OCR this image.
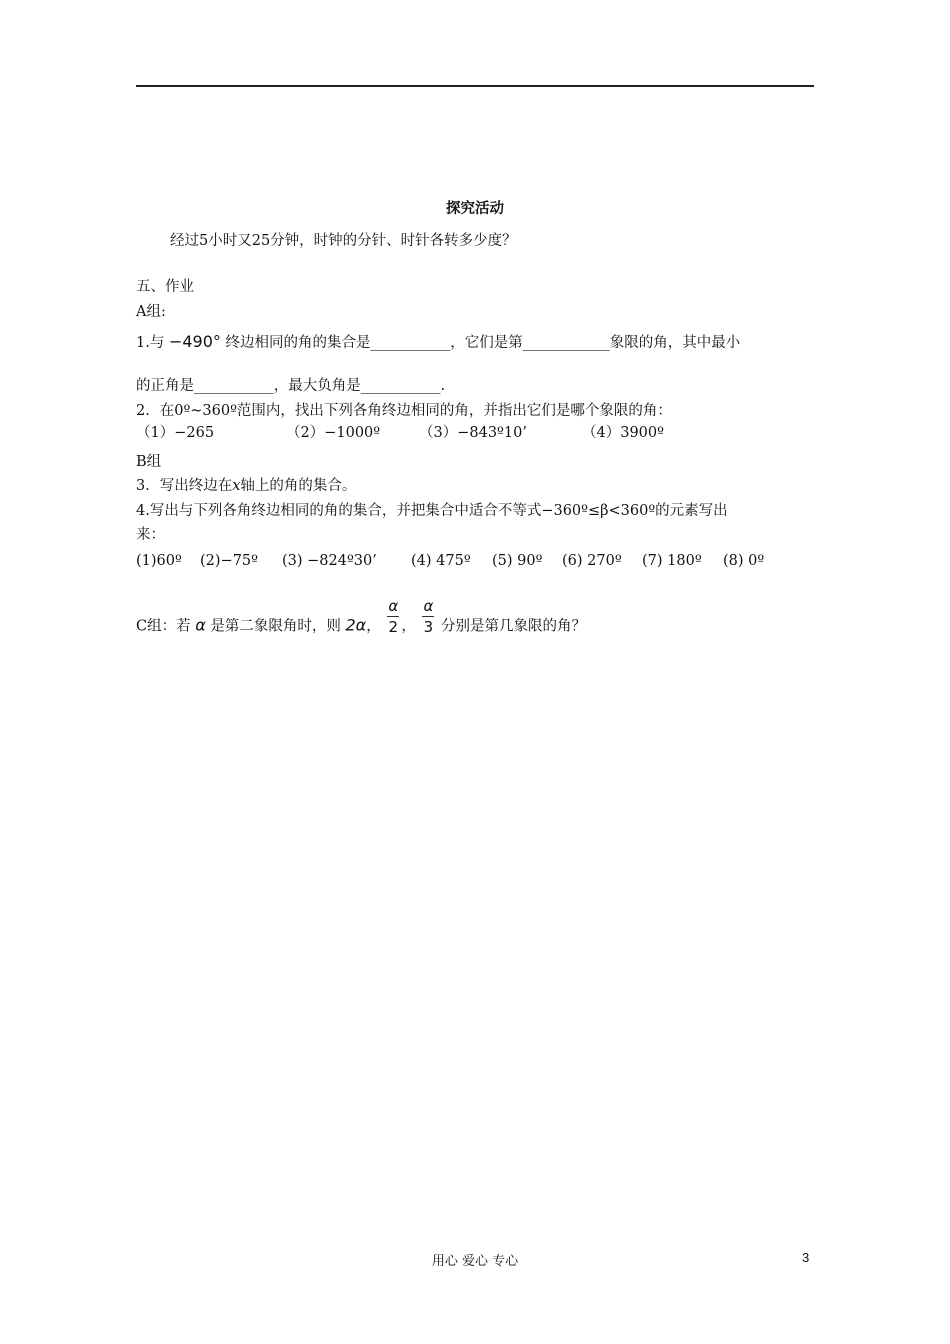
探究活动
经过5小时又25分钟，时钟的分针、时针各转多少度？
五、作业
A组:
1.与 −490° 终边相同的角的集合是___________，它们是第____________象限的角，其中最小
的正角是___________，最大负角是___________.
2．在0º~360º范围内，找出下列各角终边相同的角，并指出它们是哪个象限的角：
（1）−265	（2）−1000º	（3）−843º10’	（4）3900º
B组
3．写出终边在x轴上的角的集合。
4.写出与下列各角终边相同的角的集合，并把集合中适合不等式−360º≤β<360º的元素写出
来：
(1)60º (2)−75º (3) −824º30’ (4) 475º (5) 90º (6) 270º (7) 180º (8) 0º
C组：若 α 是第二象限角时，则 2α， $\frac{\alpha}{2}$ ， $\frac{\alpha}{3}$ 分别是第几象限的角？
用心 爱心 专心	3
